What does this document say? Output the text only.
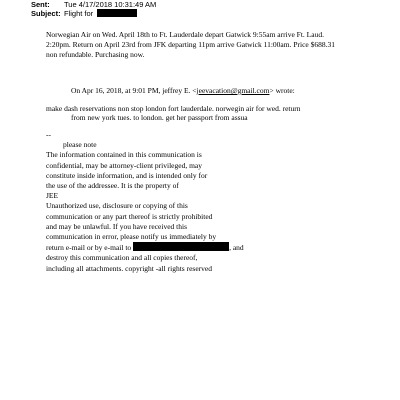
Sent: Tue 4/17/2018 10:31:49 AM
Subject: Flight for
Norwegian Air on Wed. April 18th to Ft. Lauderdale depart Gatwick 9:55am arrive Ft. Laud.
2:20pm. Return on April 23rd from JFK departing 11pm arrive Gatwick 11:00am. Price $688.31
non refundable. Purchasing now.
On Apr 16, 2018, at 9:01 PM, jeffrey E. <jeevacation@gmail.com> wrote:
make dash reservations non stop london fort lauderdale. norwegin air for wed. return
from new york tues. to london. get her passport from assua
--
please note
The information contained in this communication is
confidential, may be attorney-client privileged, may
constitute inside information, and is intended only for
the use of the addressee. It is the property of
JEE
Unauthorized use, disclosure or copying of this
communication or any part thereof is strictly prohibited
and may be unlawful. If you have received this
communication in error, please notify us immediately by
return e-mail or by e-mail to	, and
destroy this communication and all copies thereof,
including all attachments. copyright -all rights reserved
